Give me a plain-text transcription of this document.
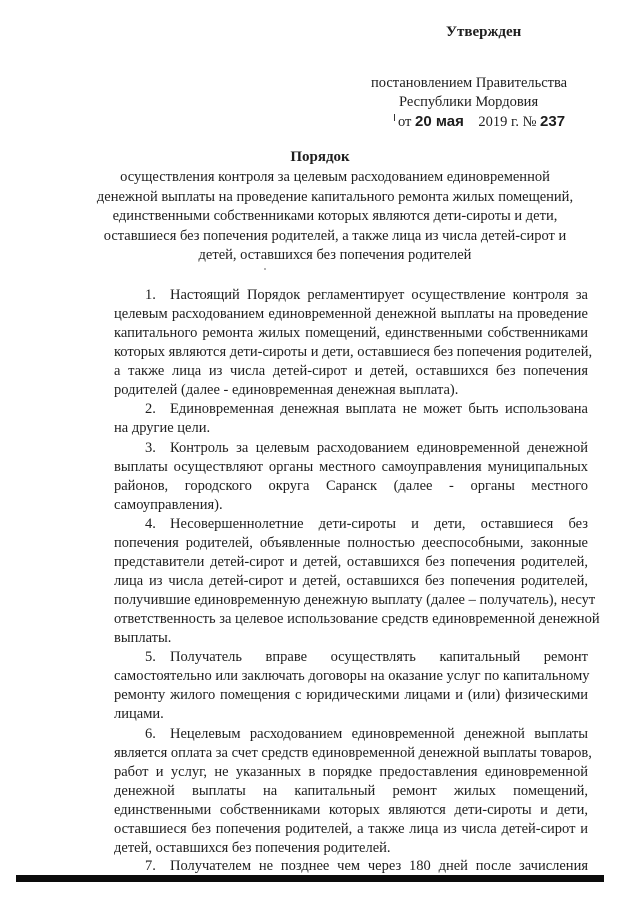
Утвержден
постановлением Правительства
Республики Мордовия
от 20 мая 2019 г. № 237
Порядок
осуществления контроля за целевым расходованием единовременной
денежной выплаты на проведение капитального ремонта жилых помещений,
единственными собственниками которых являются дети-сироты и дети,
оставшиеся без попечения родителей, а также лица из числа детей-сирот и
детей, оставшихся без попечения родителей
1. Настоящий Порядок регламентирует осуществление контроля за
целевым расходованием единовременной денежной выплаты на проведение
капитального ремонта жилых помещений, единственными собственниками
которых являются дети-сироты и дети, оставшиеся без попечения родителей,
а также лица из числа детей-сирот и детей, оставшихся без попечения
родителей (далее - единовременная денежная выплата).
2. Единовременная денежная выплата не может быть использована
на другие цели.
3. Контроль за целевым расходованием единовременной денежной
выплаты осуществляют органы местного самоуправления муниципальных
районов, городского округа Саранск (далее - органы местного
самоуправления).
4. Несовершеннолетние дети-сироты и дети, оставшиеся без
попечения родителей, объявленные полностью дееспособными, законные
представители детей-сирот и детей, оставшихся без попечения родителей,
лица из числа детей-сирот и детей, оставшихся без попечения родителей,
получившие единовременную денежную выплату (далее – получатель), несут
ответственность за целевое использование средств единовременной денежной
выплаты.
5. Получатель вправе осуществлять капитальный ремонт
самостоятельно или заключать договоры на оказание услуг по капитальному
ремонту жилого помещения с юридическими лицами и (или) физическими
лицами.
6. Нецелевым расходованием единовременной денежной выплаты
является оплата за счет средств единовременной денежной выплаты товаров,
работ и услуг, не указанных в порядке предоставления единовременной
денежной выплаты на капитальный ремонт жилых помещений,
единственными собственниками которых являются дети-сироты и дети,
оставшиеся без попечения родителей, а также лица из числа детей-сирот и
детей, оставшихся без попечения родителей.
7. Получателем не позднее чем через 180 дней после зачисления
